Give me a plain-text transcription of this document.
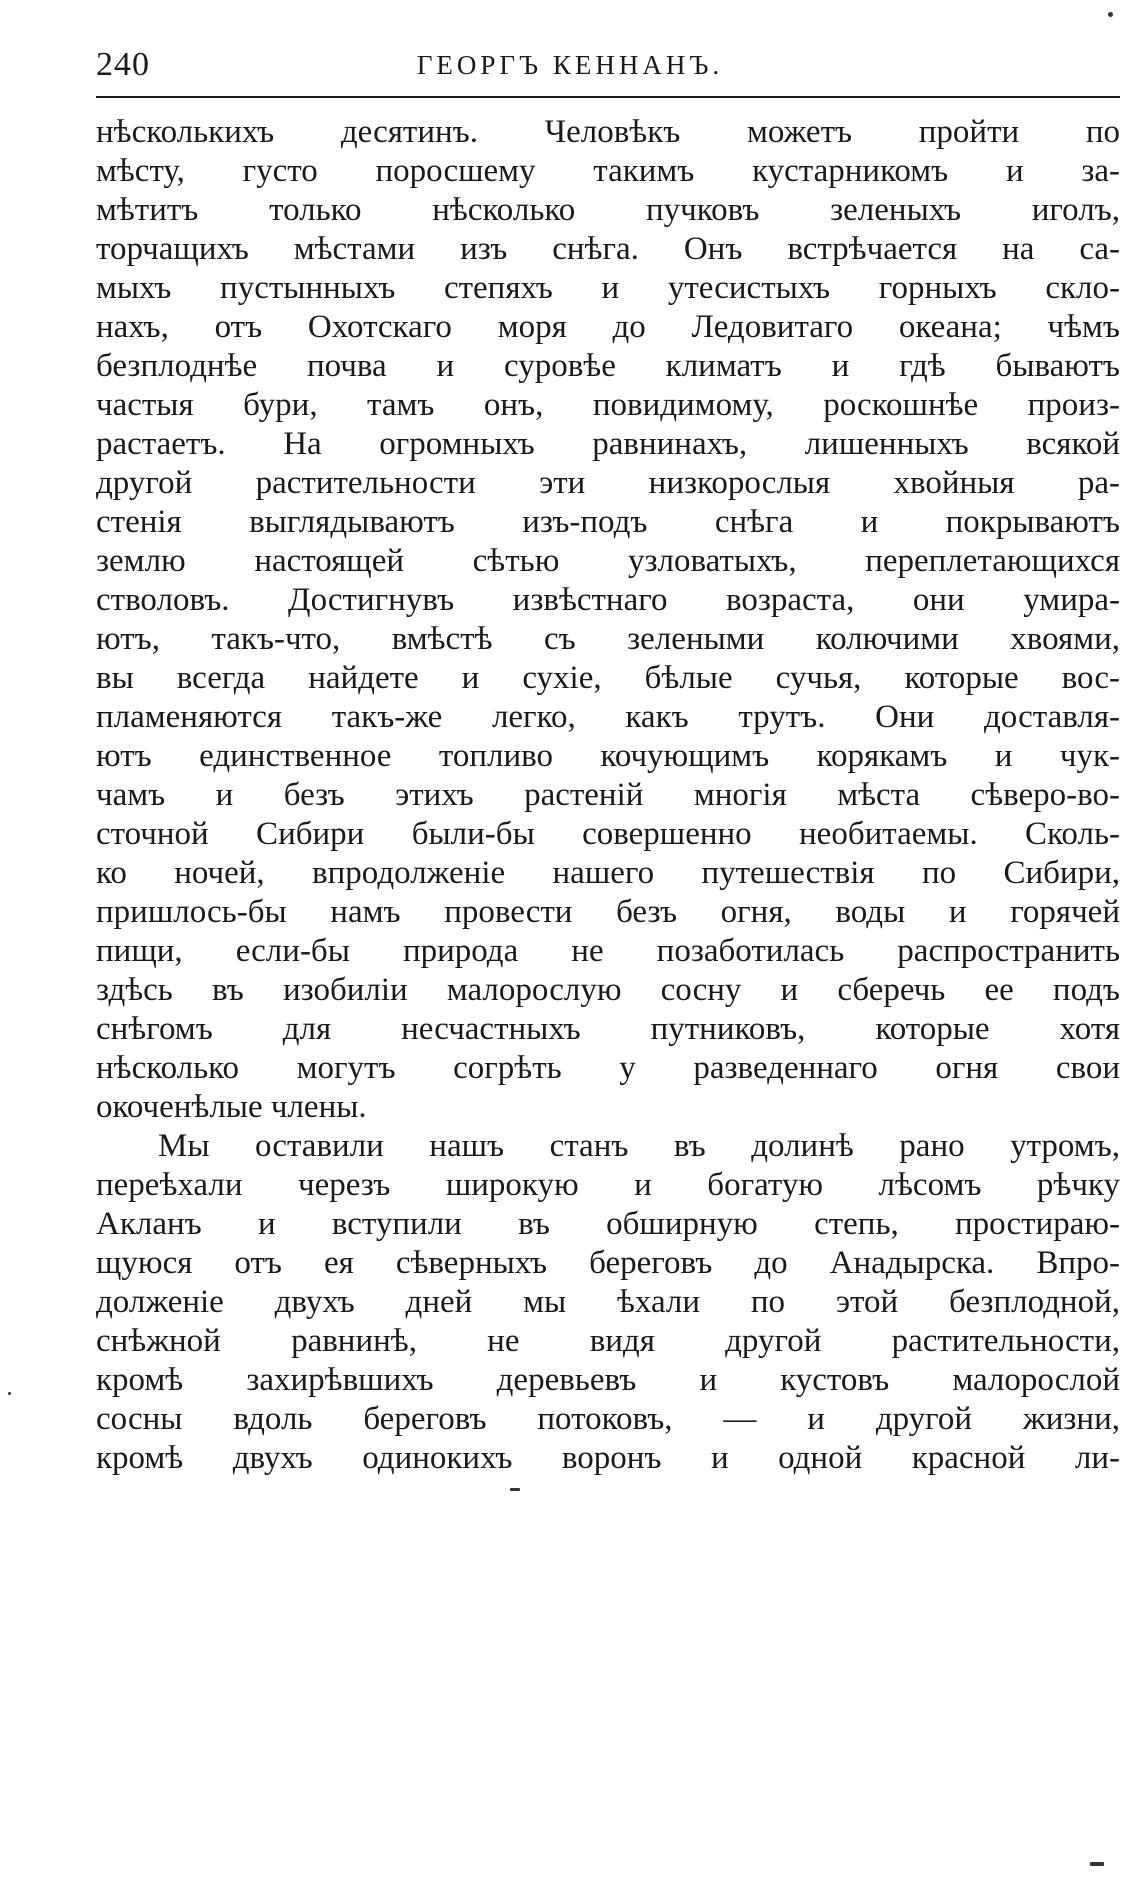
240	ГЕОРГЪ КЕННАНЪ.
нѣсколькихъ десятинъ. Человѣкъ можетъ пройти по
мѣсту, густо поросшему такимъ кустарникомъ и за-
мѣтитъ только нѣсколько пучковъ зеленыхъ иголъ,
торчащихъ мѣстами изъ снѣга. Онъ встрѣчается на са-
мыхъ пустынныхъ степяхъ и утесистыхъ горныхъ скло-
нахъ, отъ Охотскаго моря до Ледовитаго океана; чѣмъ
безплоднѣе почва и суровѣе климатъ и гдѣ бываютъ
частыя бури, тамъ онъ, повидимому, роскошнѣе произ-
растаетъ. На огромныхъ равнинахъ, лишенныхъ всякой
другой растительности эти низкорослыя хвойныя ра-
стенія выглядываютъ изъ-подъ снѣга и покрываютъ
землю настоящей сѣтью узловатыхъ, переплетающихся
стволовъ. Достигнувъ извѣстнаго возраста, они умира-
ютъ, такъ-что, вмѣстѣ съ зелеными колючими хвоями,
вы всегда найдете и сухіе, бѣлые сучья, которые вос-
пламеняются такъ-же легко, какъ трутъ. Они доставля-
ютъ единственное топливо кочующимъ корякамъ и чук-
чамъ и безъ этихъ растеній многія мѣста сѣверо-во-
сточной Сибири были-бы совершенно необитаемы. Сколь-
ко ночей, впродолженіе нашего путешествія по Сибири,
пришлось-бы намъ провести безъ огня, воды и горячей
пищи, если-бы природа не позаботилась распространить
здѣсь въ изобиліи малорослую сосну и сберечь ее подъ
снѣгомъ для несчастныхъ путниковъ, которые хотя
нѣсколько могутъ согрѣть у разведеннаго огня свои
окоченѣлые члены.
Мы оставили нашъ станъ въ долинѣ рано утромъ,
переѣхали черезъ широкую и богатую лѣсомъ рѣчку
Акланъ и вступили въ обширную степь, простираю-
щуюся отъ ея сѣверныхъ береговъ до Анадырска. Впро-
долженіе двухъ дней мы ѣхали по этой безплодной,
снѣжной равнинѣ, не видя другой растительности,
кромѣ захирѣвшихъ деревьевъ и кустовъ малорослой
сосны вдоль береговъ потоковъ, — и другой жизни,
кромѣ двухъ одинокихъ воронъ и одной красной ли-
